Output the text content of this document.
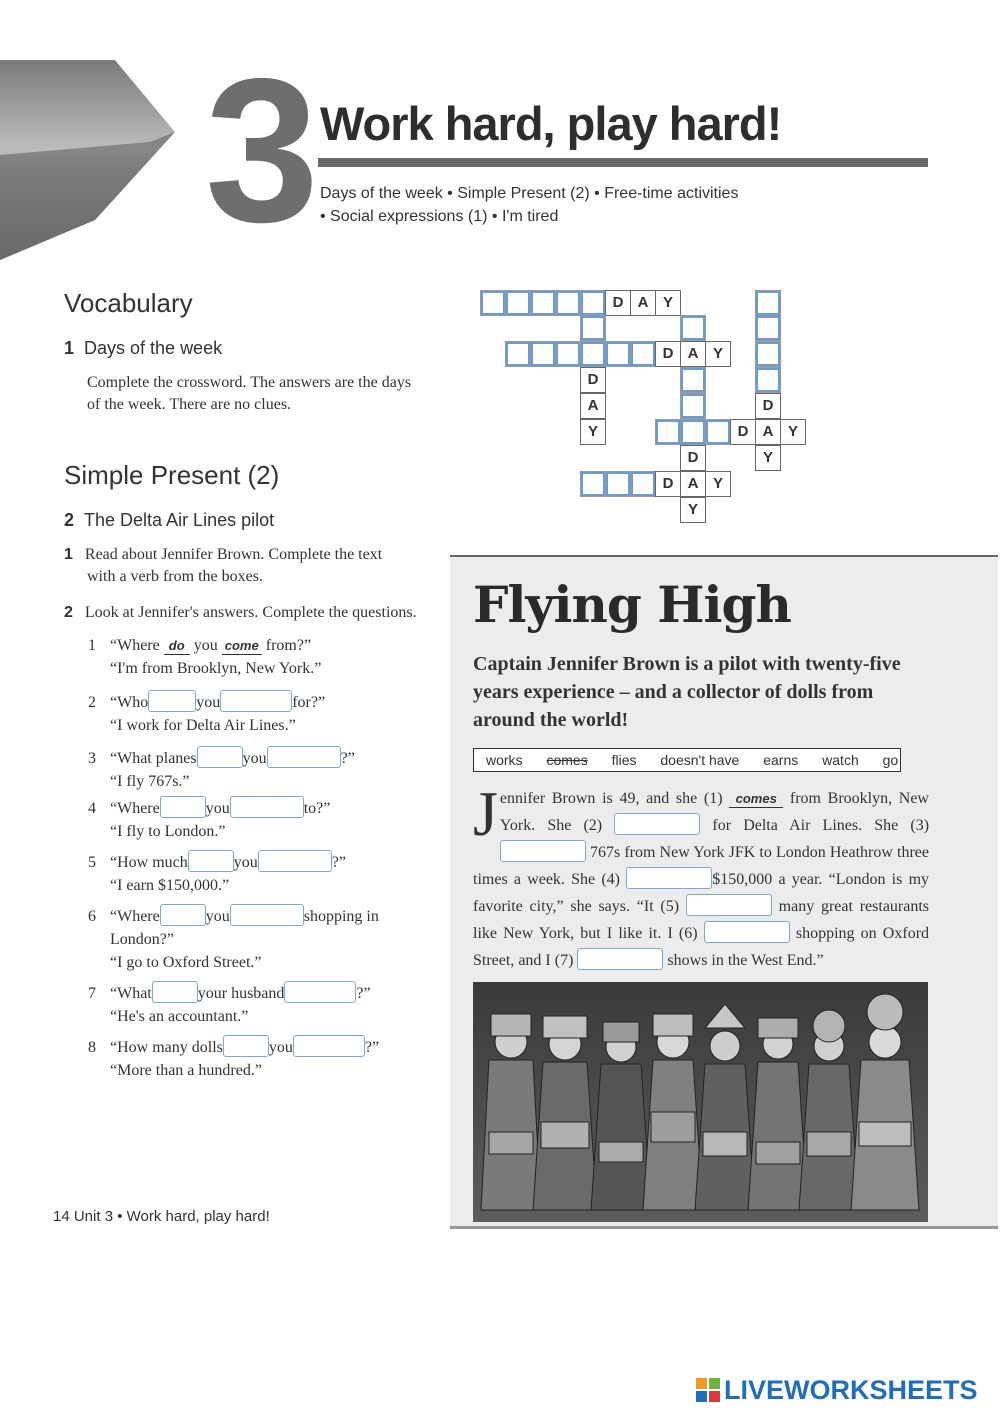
3 Work hard, play hard!
Days of the week • Simple Present (2) • Free-time activities
• Social expressions (1) • I'm tired
Vocabulary
1 Days of the week
Complete the crossword. The answers are the days
of the week. There are no clues.
D A Y
D A Y
D
A
Y
D
A
Y
D
A
Y
D	Y
D	Y
Simple Present (2)
2 The Delta Air Lines pilot
1 Read about Jennifer Brown. Complete the text
with a verb from the boxes.
2 Look at Jennifer's answers. Complete the questions.
1 “Where do you come from?”
“I'm from Brooklyn, New York.”
2 “Who	you	for?”
“I work for Delta Air Lines.”
3 “What planes	you	?”
“I fly 767s.”
4 “Where	you	to?”
“I fly to London.”
5 “How much	you	?”
“I earn $150,000.”
6 “Where	you	shopping in
London?”
“I go to Oxford Street.”
7 “What	your husband	?”
“He's an accountant.”
8 “How many dolls	you	?”
“More than a hundred.”
Flying High
Captain Jennifer Brown is a pilot with twenty-five
years experience – and a collector of dolls from
around the world!
works comes flies doesn't have earns watch go
Jennifer Brown is 49, and she (1) comes from Brooklyn, New York. She (2)	for Delta Air Lines. She (3)  767s from New York JFK to London Heathrow three times a week. She (4)	$150,000 a year. “London is my favorite city,” she says. “It (5)	many great restaurants like New York, but I like it. I (6)	shopping on Oxford Street, and I (7)	shows in the West End.”
14 Unit 3 • Work hard, play hard!
LIVEWORKSHEETS
